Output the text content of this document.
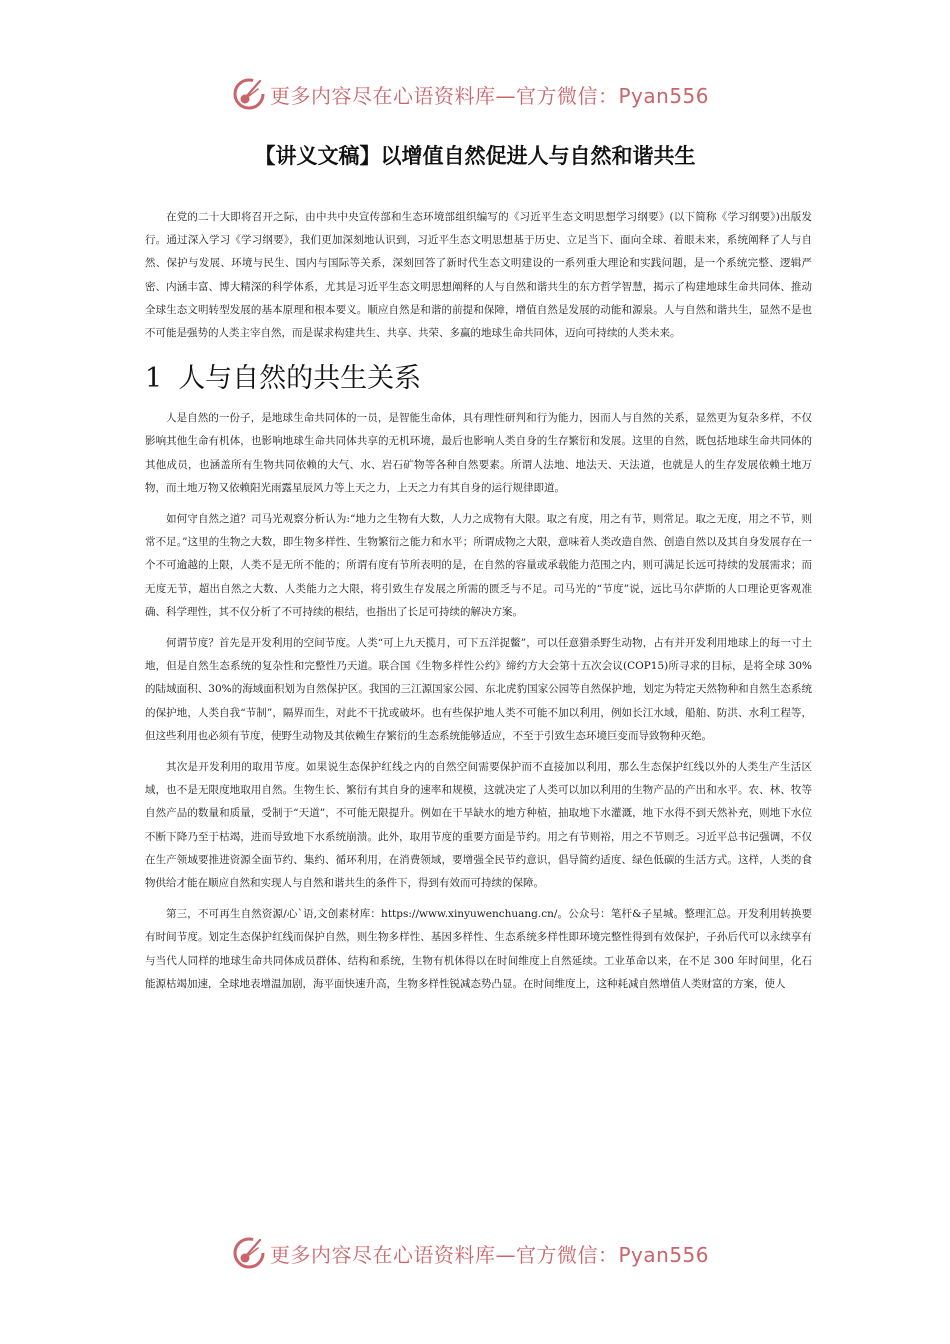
更多内容尽在心语资料库—官方微信：Pyan556
【讲义文稿】以增值自然促进人与自然和谐共生

在党的二十大即将召开之际，由中共中央宣传部和生态环境部组织编写的《习近平生态文明思想学习纲要》(以下简称《学习纲要》)出版发行。通过深入学习《学习纲要》，我们更加深刻地认识到，习近平生态文明思想基于历史、立足当下、面向全球、着眼未来，系统阐释了人与自然、保护与发展、环境与民生、国内与国际等关系，深刻回答了新时代生态文明建设的一系列重大理论和实践问题，是一个系统完整、逻辑严密、内涵丰富、博大精深的科学体系，尤其是习近平生态文明思想阐释的人与自然和谐共生的东方哲学智慧，揭示了构建地球生命共同体、推动全球生态文明转型发展的基本原理和根本要义。顺应自然是和谐的前提和保障，增值自然是发展的动能和源泉。人与自然和谐共生，显然不是也不可能是强势的人类主宰自然，而是谋求构建共生、共享、共荣、多赢的地球生命共同体，迈向可持续的人类未来。

1 人与自然的共生关系

人是自然的一份子，是地球生命共同体的一员，是智能生命体，具有理性研判和行为能力，因而人与自然的关系，显然更为复杂多样，不仅影响其他生命有机体，也影响地球生命共同体共享的无机环境，最后也影响人类自身的生存繁衍和发展。这里的自然，既包括地球生命共同体的其他成员，也涵盖所有生物共同依赖的大气、水、岩石矿物等各种自然要素。所谓人法地、地法天、天法道，也就是人的生存发展依赖土地万物，而土地万物又依赖阳光雨露星辰风力等上天之力，上天之力有其自身的运行规律即道。

如何守自然之道？司马光观察分析认为:“地力之生物有大数，人力之成物有大限。取之有度，用之有节，则常足。取之无度，用之不节，则常不足。”这里的生物之大数，即生物多样性、生物繁衍之能力和水平；所谓成物之大限，意味着人类改造自然、创造自然以及其自身发展存在一个不可逾越的上限，人类不是无所不能的；所谓有度有节所表明的是，在自然的容量或承载能力范围之内，则可满足长远可持续的发展需求；而无度无节，超出自然之大数、人类能力之大限，将引致生存发展之所需的匮乏与不足。司马光的“节度”说，远比马尔萨斯的人口理论更客观准确、科学理性，其不仅分析了不可持续的根结，也指出了长足可持续的解决方案。

何谓节度？首先是开发利用的空间节度。人类“可上九天揽月，可下五洋捉鳖”，可以任意猎杀野生动物，占有并开发利用地球上的每一寸土地，但是自然生态系统的复杂性和完整性乃天道。联合国《生物多样性公约》缔约方大会第十五次会议(COP15)所寻求的目标，是将全球 30%的陆域面积、30%的海域面积划为自然保护区。我国的三江源国家公园、东北虎豹国家公园等自然保护地，划定为特定天然物种和自然生态系统的保护地，人类自我“节制”，隔界而生，对此不干扰或破坏。也有些保护地人类不可能不加以利用，例如长江水域，船舶、防洪、水利工程等，但这些利用也必须有节度，使野生动物及其依赖生存繁衍的生态系统能够适应，不至于引致生态环境巨变而导致物种灭绝。

其次是开发利用的取用节度。如果说生态保护红线之内的自然空间需要保护而不直接加以利用，那么生态保护红线以外的人类生产生活区域，也不是无限度地取用自然。生物生长、繁衍有其自身的速率和规模，这就决定了人类可以加以利用的生物产品的产出和水平。农、林、牧等自然产品的数量和质量，受制于“天道”，不可能无限提升。例如在干旱缺水的地方种植，抽取地下水灌溉，地下水得不到天然补充，则地下水位不断下降乃至于枯竭，进而导致地下水系统崩溃。此外，取用节度的重要方面是节约。用之有节则裕，用之不节则乏。习近平总书记强调，不仅在生产领域要推进资源全面节约、集约、循环利用，在消费领域，要增强全民节约意识，倡导简约适度、绿色低碳的生活方式。这样，人类的食物供给才能在顺应自然和实现人与自然和谐共生的条件下，得到有效而可持续的保障。

第三，不可再生自然资源/心`语,文创素材库：https://www.xinyuwenchuang.cn/。公众号：笔杆&子星城。整理汇总。开发利用转换要有时间节度。划定生态保护红线而保护自然，则生物多样性、基因多样性、生态系统多样性即环境完整性得到有效保护，子孙后代可以永续享有与当代人同样的地球生命共同体成员群体、结构和系统，生物有机体得以在时间维度上自然延续。工业革命以来，在不足 300 年时间里，化石能源枯竭加速，全球地表增温加剧，海平面快速升高，生物多样性锐减态势凸显。在时间维度上，这种耗减自然增值人类财富的方案，使人

更多内容尽在心语资料库—官方微信：Pyan556
